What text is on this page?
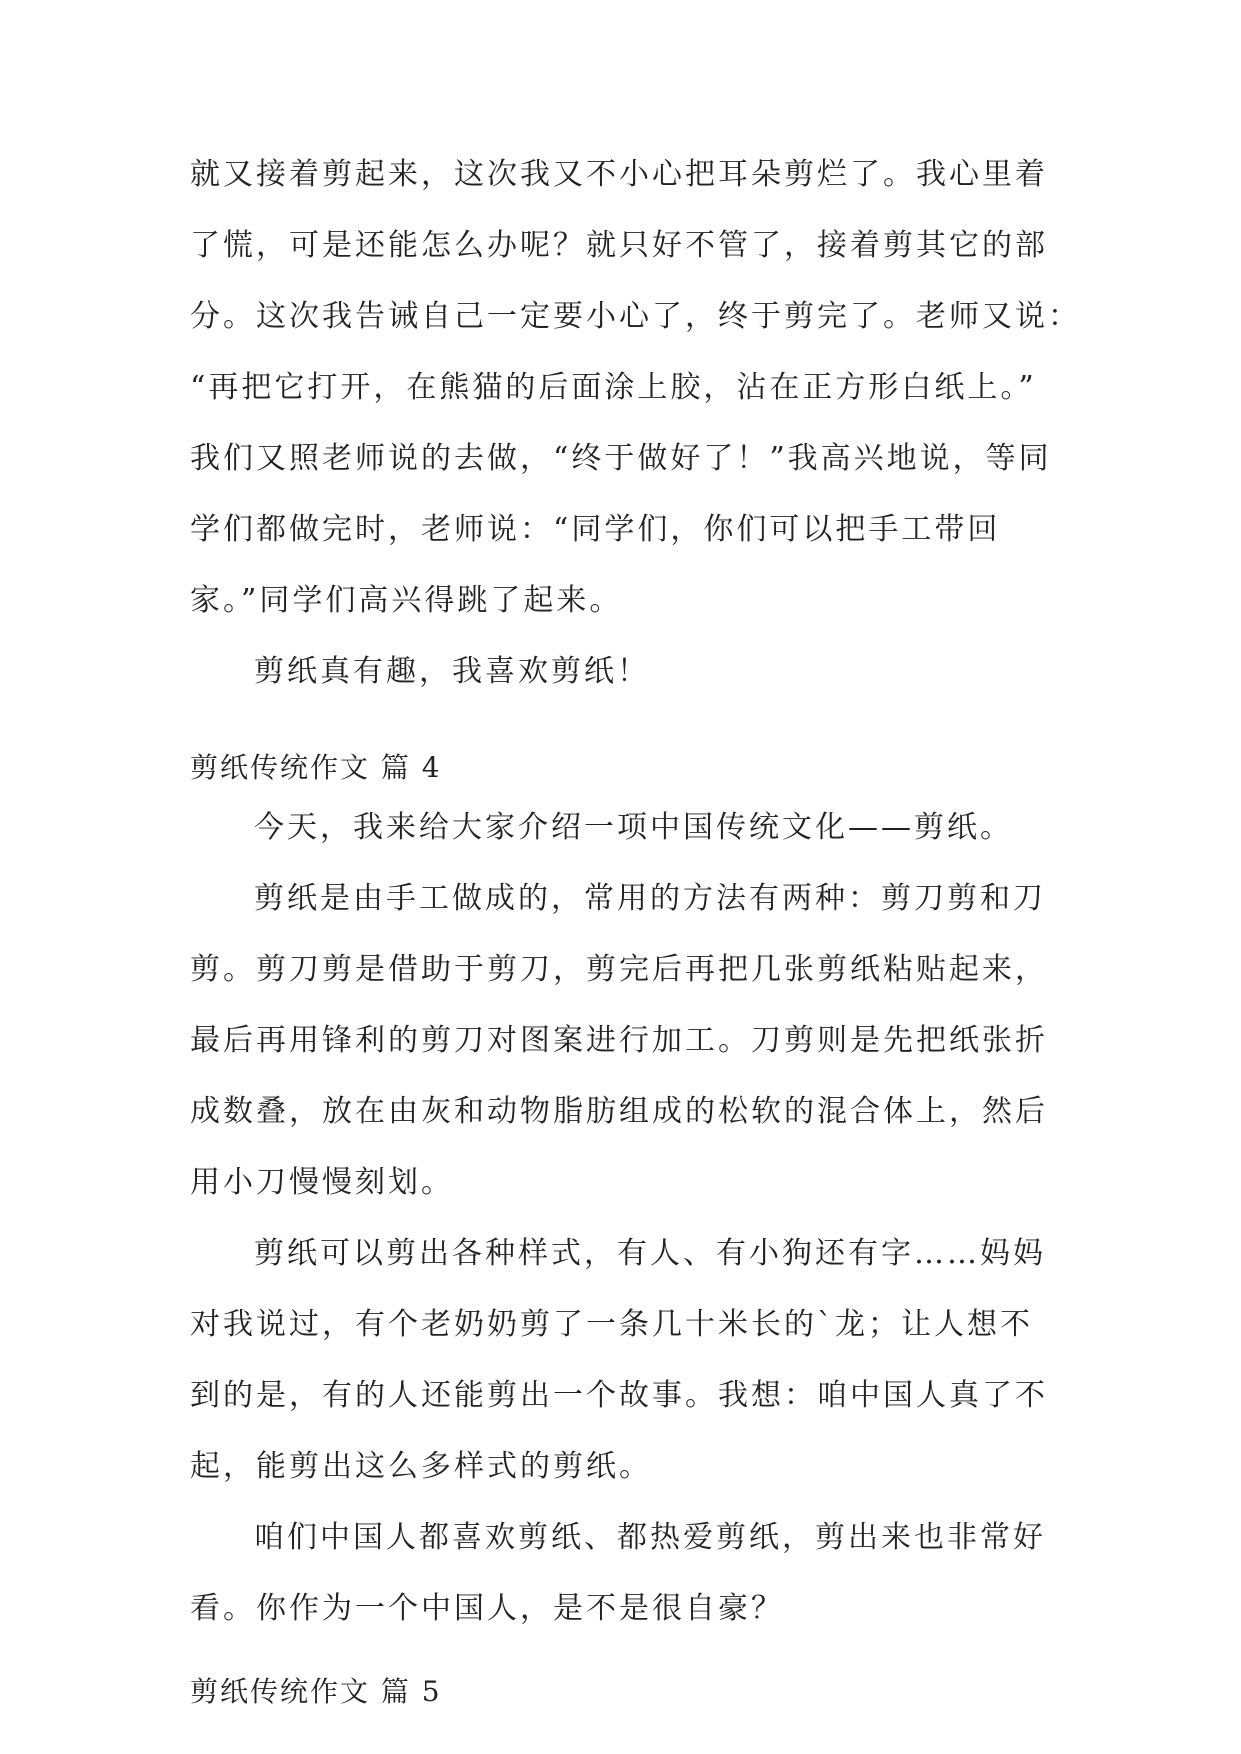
就又接着剪起来，这次我又不小心把耳朵剪烂了。我心里着
了慌，可是还能怎么办呢？就只好不管了，接着剪其它的部
分。这次我告诫自己一定要小心了，终于剪完了。老师又说：
“再把它打开，在熊猫的后面涂上胶，沾在正方形白纸上。”
我们又照老师说的去做，“终于做好了！”我高兴地说，等同
学们都做完时，老师说：“同学们，你们可以把手工带回
家。”同学们高兴得跳了起来。
剪纸真有趣，我喜欢剪纸！
剪纸传统作文 篇 4
今天，我来给大家介绍一项中国传统文化——剪纸。
剪纸是由手工做成的，常用的方法有两种：剪刀剪和刀
剪。剪刀剪是借助于剪刀，剪完后再把几张剪纸粘贴起来，
最后再用锋利的剪刀对图案进行加工。刀剪则是先把纸张折
成数叠，放在由灰和动物脂肪组成的松软的混合体上，然后
用小刀慢慢刻划。
剪纸可以剪出各种样式，有人、有小狗还有字……妈妈
对我说过，有个老奶奶剪了一条几十米长的`龙；让人想不
到的是，有的人还能剪出一个故事。我想：咱中国人真了不
起，能剪出这么多样式的剪纸。
咱们中国人都喜欢剪纸、都热爱剪纸，剪出来也非常好
看。你作为一个中国人，是不是很自豪？
剪纸传统作文 篇 5
